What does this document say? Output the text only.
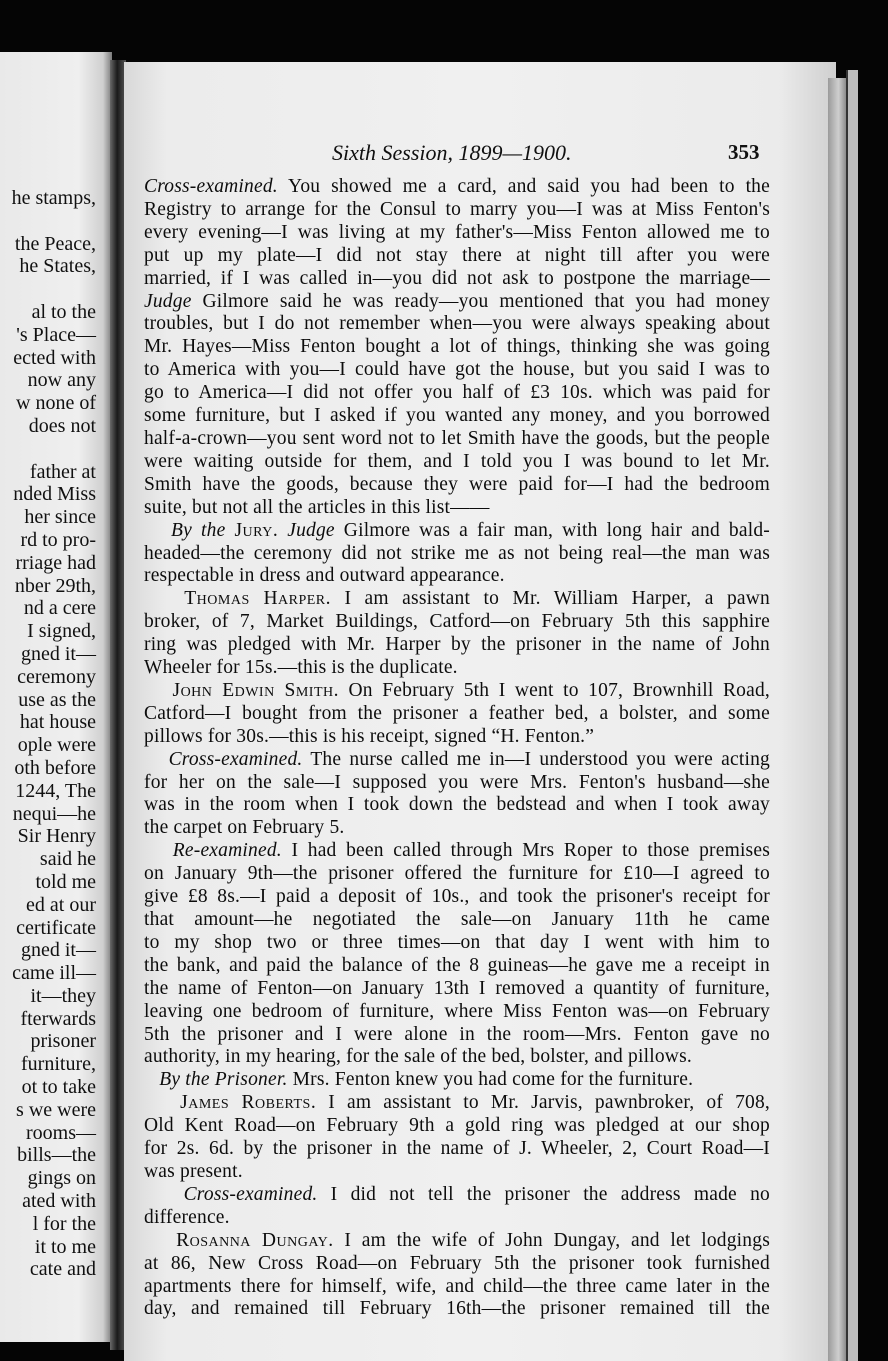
he stamps,

the Peace,
he States,

al to the
's Place—
ected with
now any
w none of
does not

father at
nded Miss
her since
rd to pro-
rriage had
nber 29th,
nd a cere
I signed,
gned it—
ceremony
use as the
hat house
ople were
oth before
1244, The
nequi—he
Sir Henry
said he
told me
ed at our
certificate
gned it—
came ill—
it—they
fterwards
prisoner
furniture,
ot to take
s we were
rooms—
bills—the
gings on
ated with
l for the
it to me
cate and
Sixth Session, 1899—1900.	353
Cross-examined. You showed me a card, and said you had been to the
Registry to arrange for the Consul to marry you—I was at Miss Fenton's
every evening—I was living at my father's—Miss Fenton allowed me to
put up my plate—I did not stay there at night till after you were
married, if I was called in—you did not ask to postpone the marriage—
Judge Gilmore said he was ready—you mentioned that you had money
troubles, but I do not remember when—you were always speaking about
Mr. Hayes—Miss Fenton bought a lot of things, thinking she was going
to America with you—I could have got the house, but you said I was to
go to America—I did not offer you half of £3 10s. which was paid for
some furniture, but I asked if you wanted any money, and you borrowed
half-a-crown—you sent word not to let Smith have the goods, but the people
were waiting outside for them, and I told you I was bound to let Mr.
Smith have the goods, because they were paid for—I had the bedroom
suite, but not all the articles in this list——
By the Jury. Judge Gilmore was a fair man, with long hair and bald-
headed—the ceremony did not strike me as not being real—the man was
respectable in dress and outward appearance.
Thomas Harper. I am assistant to Mr. William Harper, a pawn
broker, of 7, Market Buildings, Catford—on February 5th this sapphire
ring was pledged with Mr. Harper by the prisoner in the name of John
Wheeler for 15s.—this is the duplicate.
John Edwin Smith. On February 5th I went to 107, Brownhill Road,
Catford—I bought from the prisoner a feather bed, a bolster, and some
pillows for 30s.—this is his receipt, signed “H. Fenton.”
Cross-examined. The nurse called me in—I understood you were acting
for her on the sale—I supposed you were Mrs. Fenton's husband—she
was in the room when I took down the bedstead and when I took away
the carpet on February 5.
Re-examined. I had been called through Mrs Roper to those premises
on January 9th—the prisoner offered the furniture for £10—I agreed to
give £8 8s.—I paid a deposit of 10s., and took the prisoner's receipt for
that amount—he negotiated the sale—on January 11th he came
to my shop two or three times—on that day I went with him to
the bank, and paid the balance of the 8 guineas—he gave me a receipt in
the name of Fenton—on January 13th I removed a quantity of furniture,
leaving one bedroom of furniture, where Miss Fenton was—on February
5th the prisoner and I were alone in the room—Mrs. Fenton gave no
authority, in my hearing, for the sale of the bed, bolster, and pillows.
By the Prisoner. Mrs. Fenton knew you had come for the furniture.
James Roberts. I am assistant to Mr. Jarvis, pawnbroker, of 708,
Old Kent Road—on February 9th a gold ring was pledged at our shop
for 2s. 6d. by the prisoner in the name of J. Wheeler, 2, Court Road—I
was present.
Cross-examined. I did not tell the prisoner the address made no
difference.
Rosanna Dungay. I am the wife of John Dungay, and let lodgings
at 86, New Cross Road—on February 5th the prisoner took furnished
apartments there for himself, wife, and child—the three came later in the
day, and remained till February 16th—the prisoner remained till the
